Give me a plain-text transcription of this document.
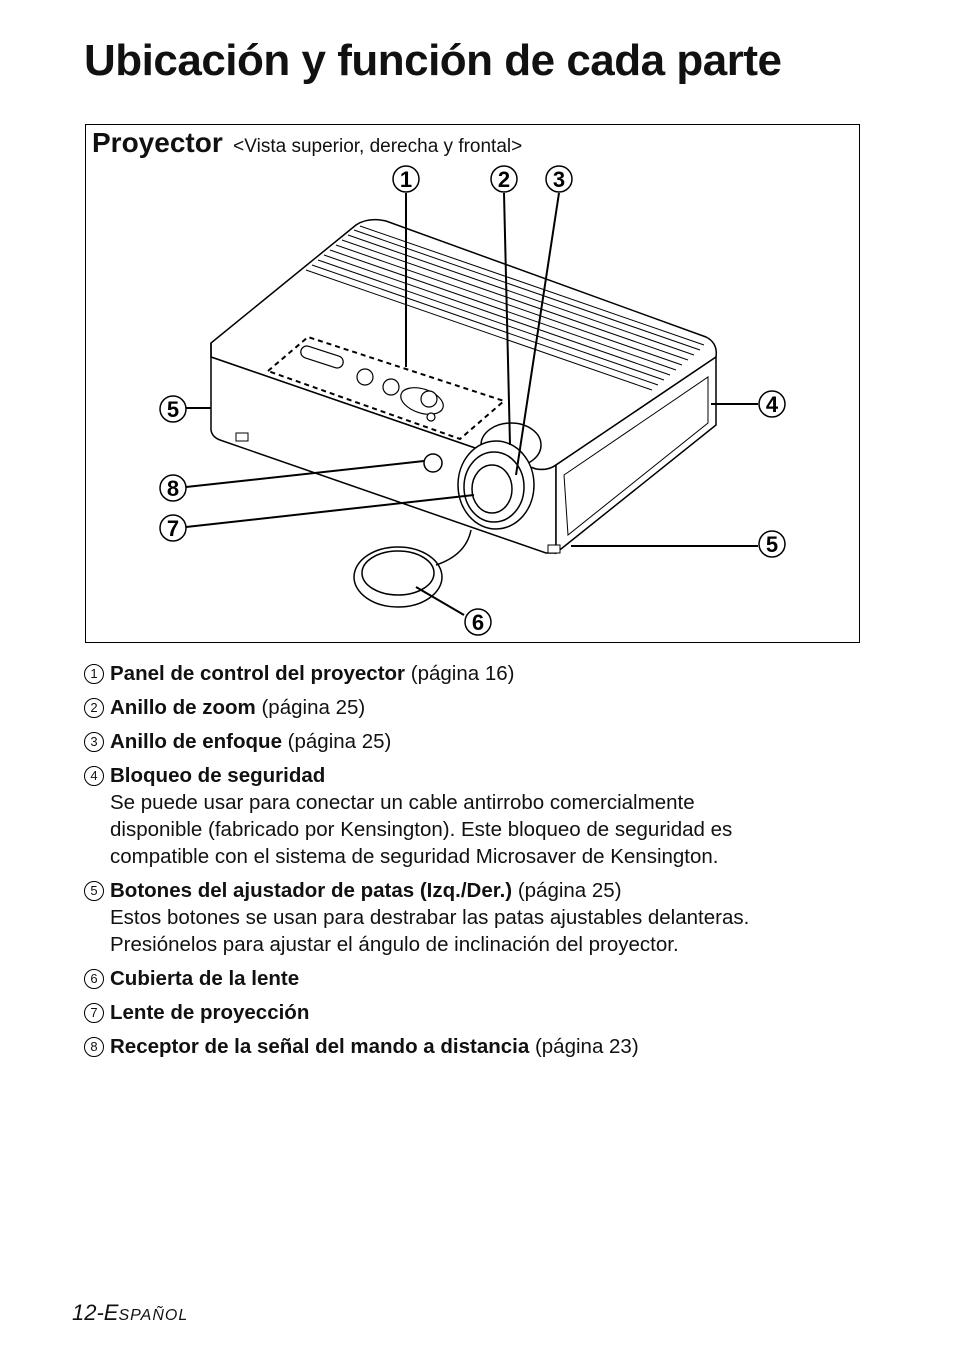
Ubicación y función de cada parte
Proyector <Vista superior, derecha y frontal>
1	2 3
4
5
5
6
7
8
1 Panel de control del proyector (página 16)
2 Anillo de zoom (página 25)
3 Anillo de enfoque (página 25)
4 Bloqueo de seguridad
Se puede usar para conectar un cable antirrobo comercialmente
disponible (fabricado por Kensington). Este bloqueo de seguridad es
compatible con el sistema de seguridad Microsaver de Kensington.
5 Botones del ajustador de patas (Izq./Der.) (página 25)
Estos botones se usan para destrabar las patas ajustables delanteras.
Presiónelos para ajustar el ángulo de inclinación del proyector.
6 Cubierta de la lente
7 Lente de proyección
8 Receptor de la señal del mando a distancia (página 23)
12-ESPAÑOL
